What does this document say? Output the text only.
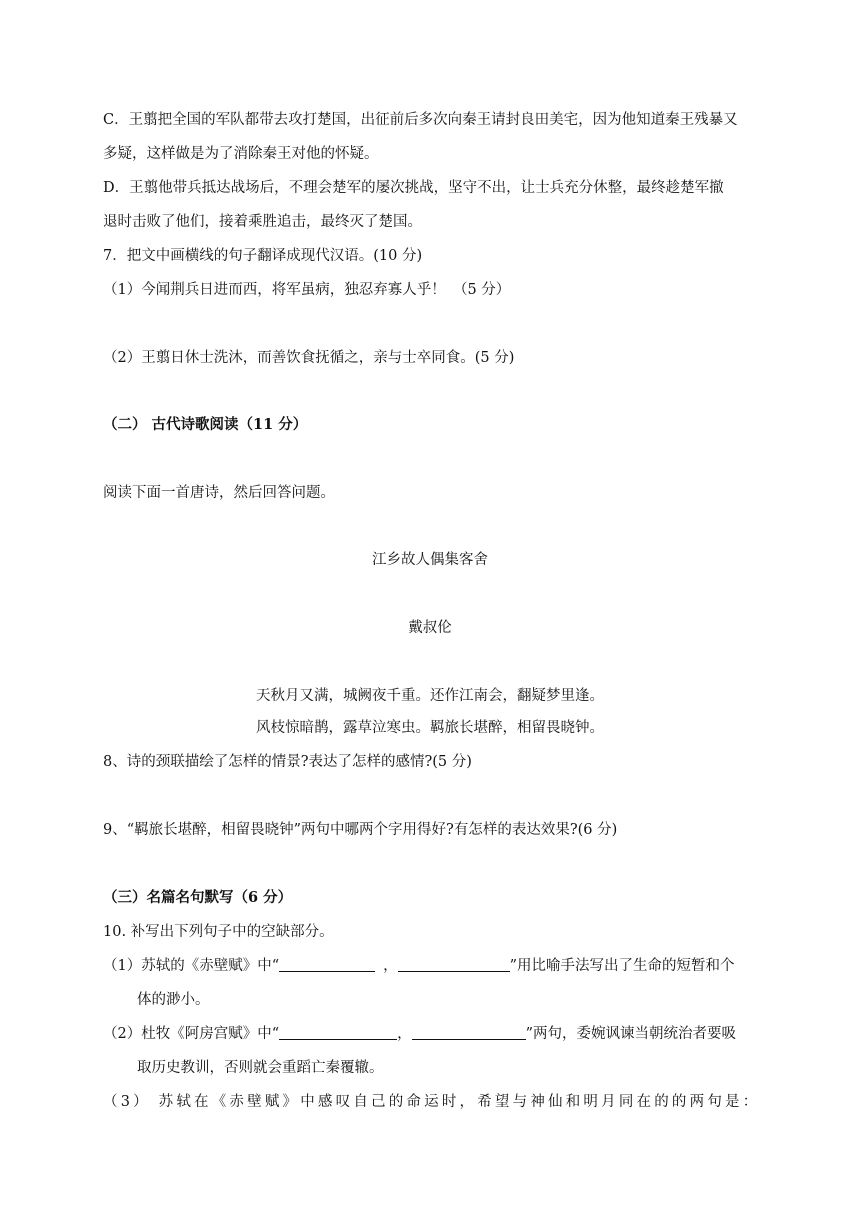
C．王翦把全国的军队都带去攻打楚国，出征前后多次向秦王请封良田美宅，因为他知道秦王残暴又
多疑，这样做是为了消除秦王对他的怀疑。
D．王翦他带兵抵达战场后，不理会楚军的屡次挑战，坚守不出，让士兵充分休整，最终趁楚军撤
退时击败了他们，接着乘胜追击，最终灭了楚国。
7．把文中画横线的句子翻译成现代汉语。(10 分)
（1）今闻荆兵日进而西，将军虽病，独忍弃寡人乎！　（5 分）
（2）王翦日休士洗沐，而善饮食抚循之，亲与士卒同食。(5 分)
（二） 古代诗歌阅读（11 分）
阅读下面一首唐诗，然后回答问题。
江乡故人偶集客舍
戴叔伦
天秋月又满，城阙夜千重。还作江南会，翻疑梦里逢。
风枝惊暗鹊，露草泣寒虫。羁旅长堪醉，相留畏晓钟。
8、诗的颈联描绘了怎样的情景?表达了怎样的感情?(5 分)
9、“羁旅长堪醉，相留畏晓钟”两句中哪两个字用得好?有怎样的表达效果?(6 分)
（三）名篇名句默写（6 分）
10. 补写出下列句子中的空缺部分。
（1）苏轼的《赤壁赋》中“	，	”用比喻手法写出了生命的短暂和个
体的渺小。
（2）杜牧《阿房宫赋》中“	，	”两句，委婉讽谏当朝统治者要吸
取历史教训，否则就会重蹈亡秦覆辙。
（3） 苏轼在《赤壁赋》中感叹自己的命运时，希望与神仙和明月同在的的两句是：
